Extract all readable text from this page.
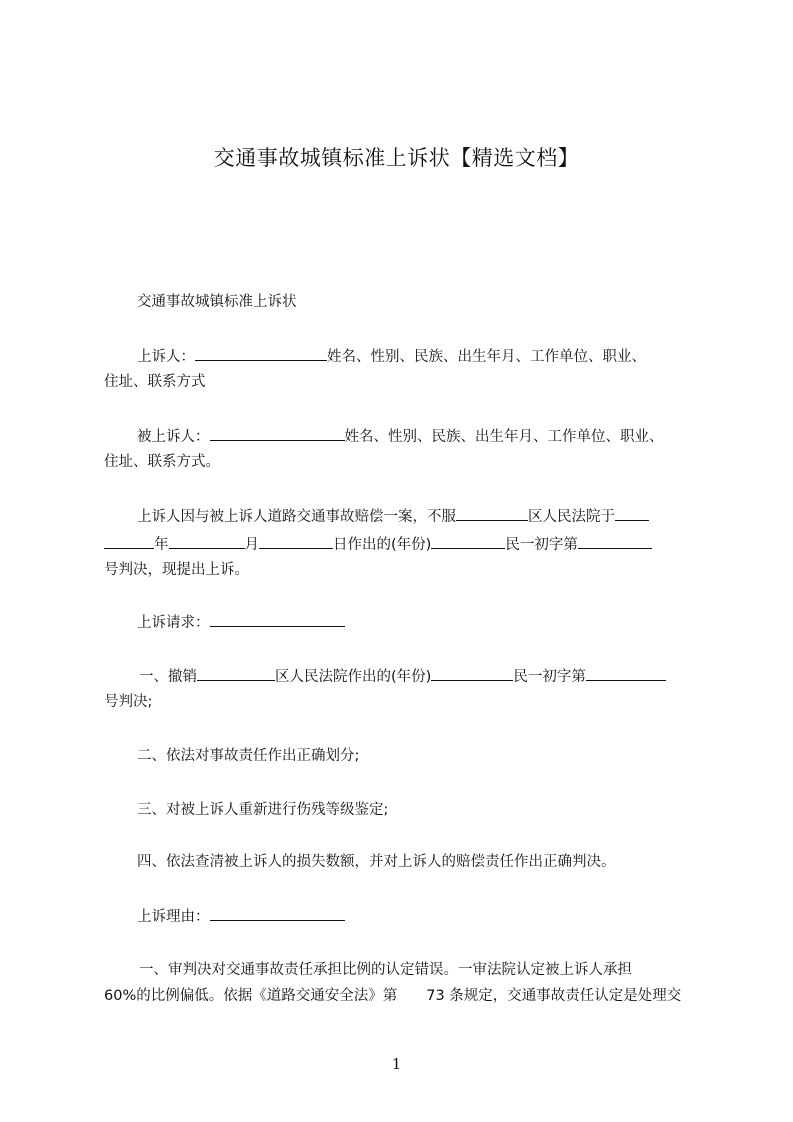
交通事故城镇标准上诉状【精选文档】
交通事故城镇标准上诉状
上诉人：	姓名、性别、民族、出生年月、工作单位、职业、
住址、联系方式
被上诉人：	姓名、性别、民族、出生年月、工作单位、职业、
住址、联系方式。
上诉人因与被上诉人道路交通事故赔偿一案，不服	区人民法院于
年	月	日作出的(年份)	民一初字第
号判决，现提出上诉。
上诉请求：
一、撤销	区人民法院作出的(年份)	民一初字第
号判决;
二、依法对事故责任作出正确划分;
三、对被上诉人重新进行伤残等级鉴定;
四、依法查清被上诉人的损失数额，并对上诉人的赔偿责任作出正确判决。
上诉理由：
一、审判决对交通事故责任承担比例的认定错误。一审法院认定被上诉人承担
60%的比例偏低。依据《道路交通安全法》第　　73 条规定，交通事故责任认定是处理交
1
